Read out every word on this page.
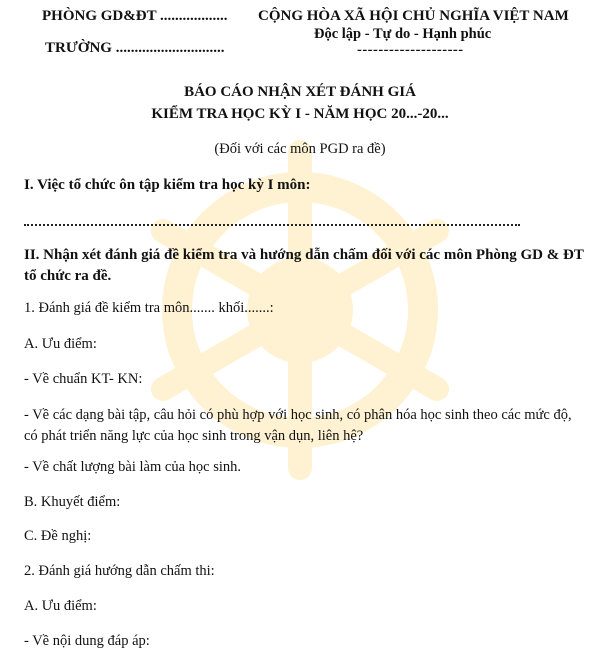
PHÒNG GD&ĐT ..................
TRƯỜNG .............................
CỘNG HÒA XÃ HỘI CHỦ NGHĨA VIỆT NAM
Độc lập - Tự do - Hạnh phúc
--------------------
BÁO CÁO NHẬN XÉT ĐÁNH GIÁ
KIỂM TRA HỌC KỲ I - NĂM HỌC 20...-20...
(Đối với các môn PGD ra đề)
I. Việc tổ chức ôn tập kiểm tra học kỳ I môn:
II. Nhận xét đánh giá đề kiểm tra và hướng dẫn chấm đối với các môn Phòng GD & ĐT tổ chức ra đề.
1. Đánh giá đề kiểm tra môn....... khối.......:
A. Ưu điểm:
- Về chuẩn KT- KN:
- Về các dạng bài tập, câu hỏi có phù hợp với học sinh, có phân hóa học sinh theo các mức độ, có phát triển năng lực của học sinh trong vận dụn, liên hệ?
- Về chất lượng bài làm của học sinh.
B. Khuyết điểm:
C. Đề nghị:
2. Đánh giá hướng dẫn chấm thi:
A. Ưu điểm:
- Về nội dung đáp áp:
